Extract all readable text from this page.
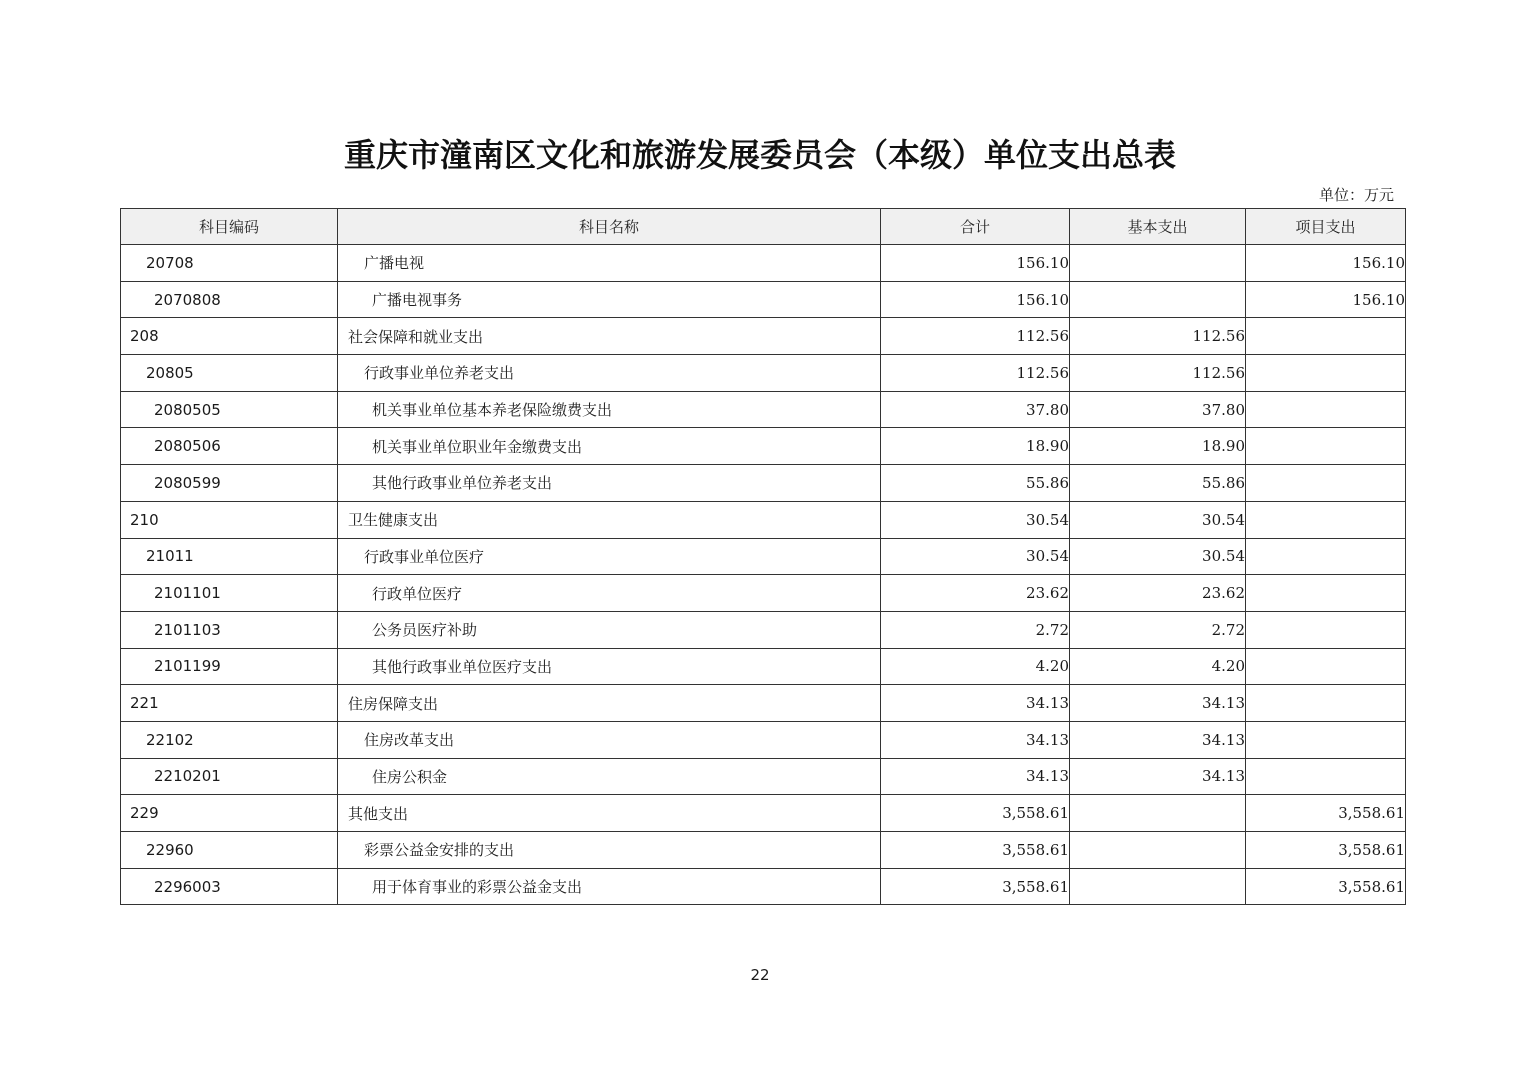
重庆市潼南区文化和旅游发展委员会（本级）单位支出总表
单位：万元
科目编码	科目名称	合计	基本支出	项目支出
20708	广播电视	156.10		156.10
2070808	广播电视事务	156.10		156.10
208	社会保障和就业支出	112.56	112.56	
20805	行政事业单位养老支出	112.56	112.56	
2080505	机关事业单位基本养老保险缴费支出	37.80	37.80	
2080506	机关事业单位职业年金缴费支出	18.90	18.90	
2080599	其他行政事业单位养老支出	55.86	55.86	
210	卫生健康支出	30.54	30.54	
21011	行政事业单位医疗	30.54	30.54	
2101101	行政单位医疗	23.62	23.62	
2101103	公务员医疗补助	2.72	2.72	
2101199	其他行政事业单位医疗支出	4.20	4.20	
221	住房保障支出	34.13	34.13	
22102	住房改革支出	34.13	34.13	
2210201	住房公积金	34.13	34.13	
229	其他支出	3,558.61		3,558.61
22960	彩票公益金安排的支出	3,558.61		3,558.61
2296003	用于体育事业的彩票公益金支出	3,558.61		3,558.61
22
